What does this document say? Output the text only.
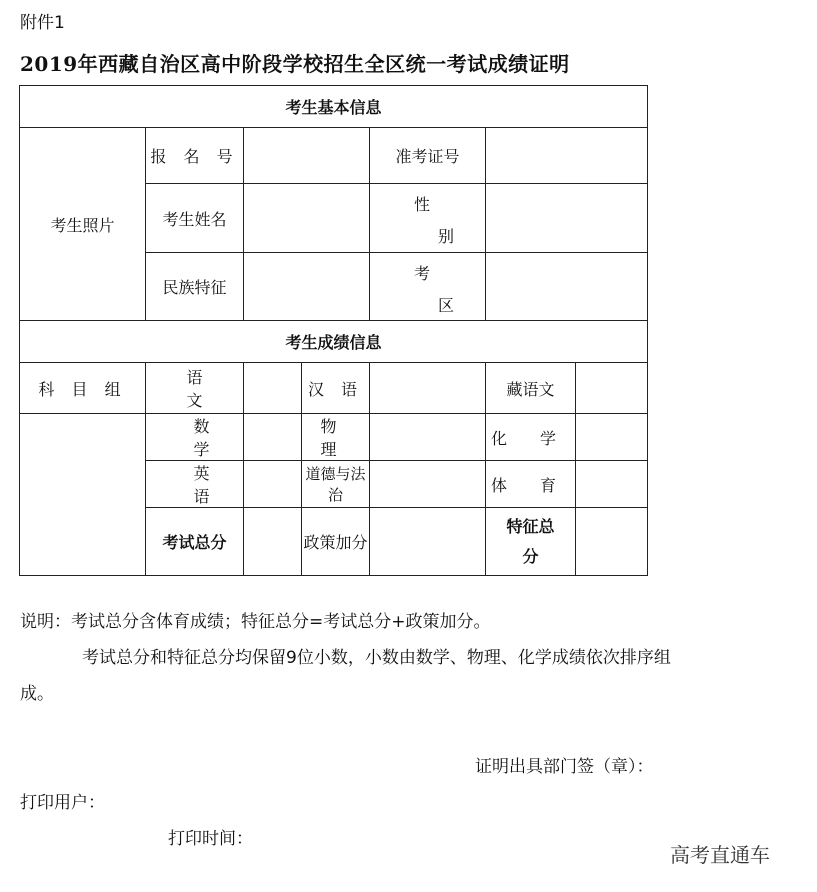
附件1
2019年西藏自治区高中阶段学校招生全区统一考试成绩证明
考生基本信息						
考生照片	报 名 号			准考证号		
	考生姓名			性
别		

	民族特征			考
区		

考生成绩信息						
科 目 组	语 文		汉 语		藏语文	
	数 学		物 理		化 学	
	英 语		道德与法治		体 育	
	考试总分		政策加分		特征总
分	
说明：考试总分含体育成绩；特征总分=考试总分+政策加分。
考试总分和特征总分均保留9位小数，小数由数学、物理、化学成绩依次排序组
成。
证明出具部门签（章）：
打印用户：
打印时间：
高考直通车
